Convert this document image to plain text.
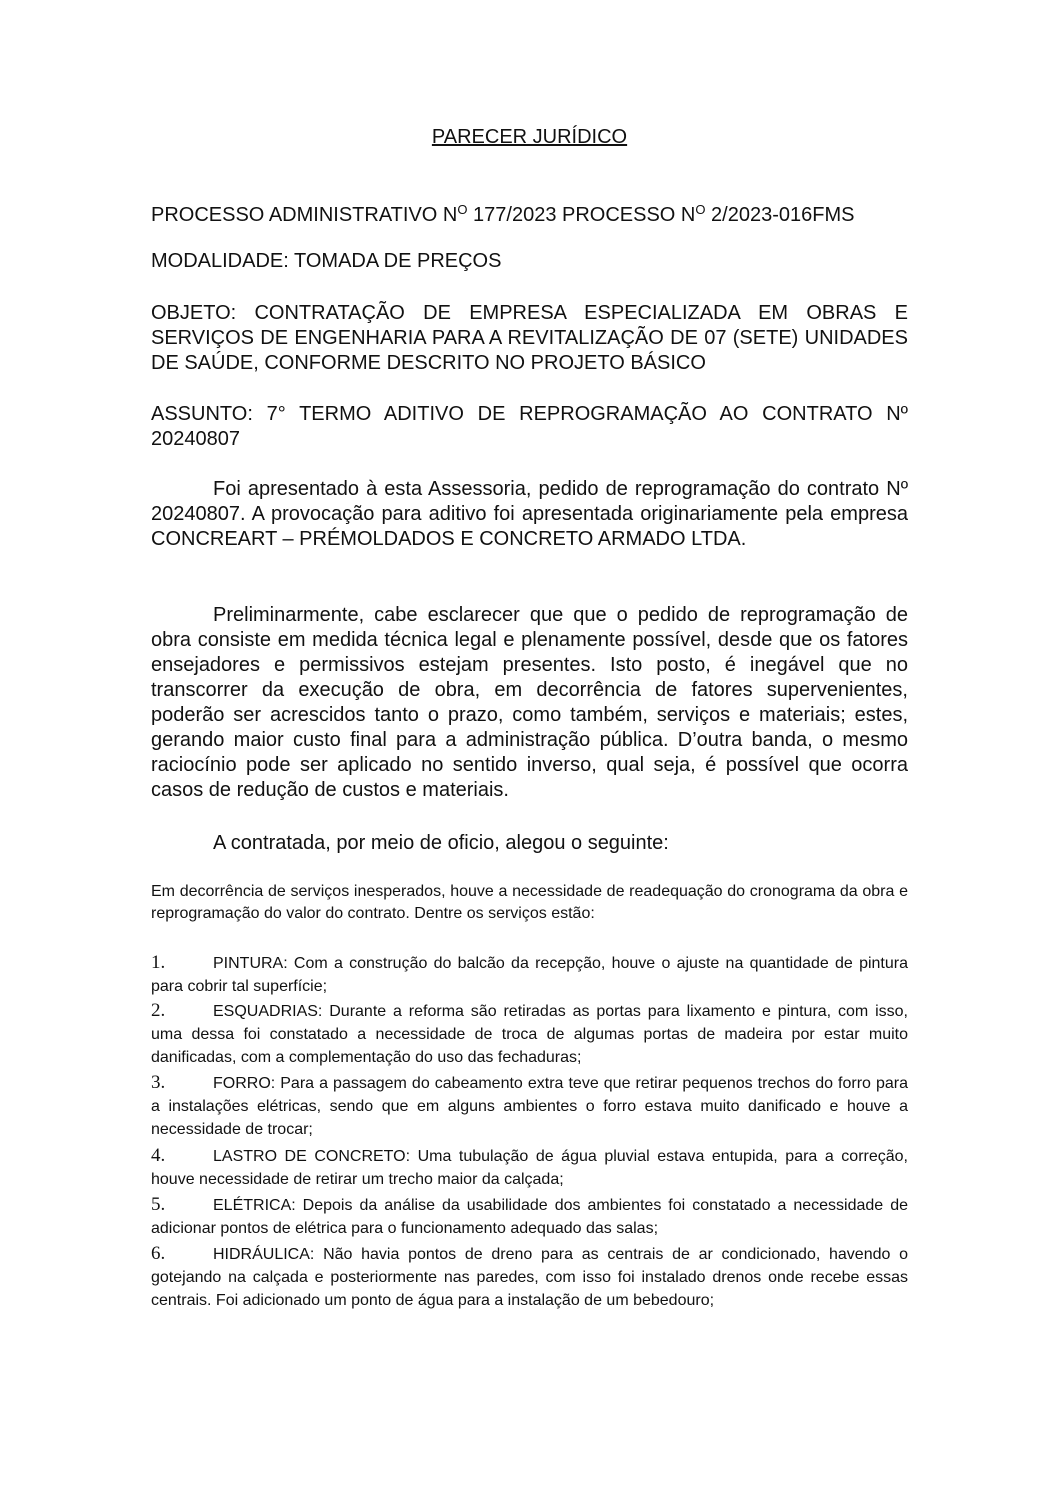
PARECER JURÍDICO

PROCESSO ADMINISTRATIVO $N^O$ 177/2023 PROCESSO $N^O$ 2/2023-016FMS

MODALIDADE: TOMADA DE PREÇOS

OBJETO: CONTRATAÇÃO DE EMPRESA ESPECIALIZADA EM OBRAS E SERVIÇOS DE ENGENHARIA PARA A REVITALIZAÇÃO DE 07 (SETE) UNIDADES DE SAÚDE, CONFORME DESCRITO NO PROJETO BÁSICO

ASSUNTO: 7° TERMO ADITIVO DE REPROGRAMAÇÃO AO CONTRATO Nº 20240807

Foi apresentado à esta Assessoria, pedido de reprogramação do contrato Nº 20240807. A provocação para aditivo foi apresentada originariamente pela empresa CONCREART – PRÉMOLDADOS E CONCRETO ARMADO LTDA.

Preliminarmente, cabe esclarecer que que o pedido de reprogramação de obra consiste em medida técnica legal e plenamente possível, desde que os fatores ensejadores e permissivos estejam presentes. Isto posto, é inegável que no transcorrer da execução de obra, em decorrência de fatores supervenientes, poderão ser acrescidos tanto o prazo, como também, serviços e materiais; estes, gerando maior custo final para a administração pública. D’outra banda, o mesmo raciocínio pode ser aplicado no sentido inverso, qual seja, é possível que ocorra casos de redução de custos e materiais.

A contratada, por meio de oficio, alegou o seguinte:

Em decorrência de serviços inesperados, houve a necessidade de readequação do cronograma da obra e reprogramação do valor do contrato. Dentre os serviços estão:

1.	PINTURA: Com a construção do balcão da recepção, houve o ajuste na quantidade de pintura para cobrir tal superfície;

2.	ESQUADRIAS: Durante a reforma são retiradas as portas para lixamento e pintura, com isso, uma dessa foi constatado a necessidade de troca de algumas portas de madeira por estar muito danificadas, com a complementação do uso das fechaduras;

3.	FORRO: Para a passagem do cabeamento extra teve que retirar pequenos trechos do forro para a instalações elétricas, sendo que em alguns ambientes o forro estava muito danificado e houve a necessidade de trocar;

4.	LASTRO DE CONCRETO: Uma tubulação de água pluvial estava entupida, para a correção, houve necessidade de retirar um trecho maior da calçada;

5.	ELÉTRICA: Depois da análise da usabilidade dos ambientes foi constatado a necessidade de adicionar pontos de elétrica para o funcionamento adequado das salas;

6.	HIDRÁULICA: Não havia pontos de dreno para as centrais de ar condicionado, havendo o gotejando na calçada e posteriormente nas paredes, com isso foi instalado drenos onde recebe essas centrais. Foi adicionado um ponto de água para a instalação de um bebedouro;
